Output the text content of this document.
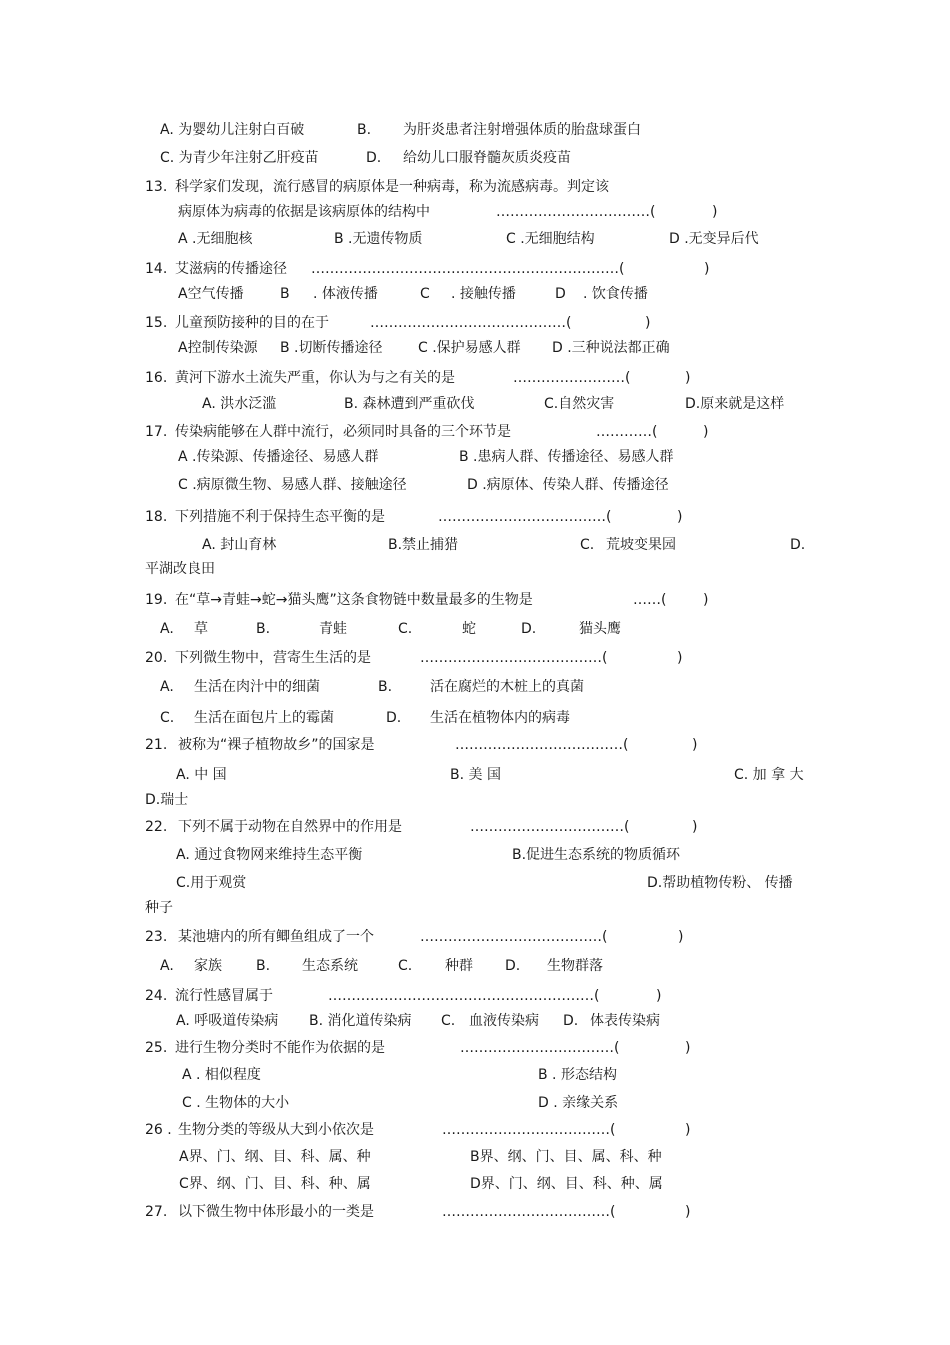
A. 为婴幼儿注射白百破	B. 为肝炎患者注射增强体质的胎盘球蛋白
C. 为青少年注射乙肝疫苗	D. 给幼儿口服脊髓灰质炎疫苗
13. 科学家们发现，流行感冒的病原体是一种病毒，称为流感病毒。判定该
病原体为病毒的依据是该病原体的结构中	……………………………(	)
A .无细胞核	B .无遗传物质	C .无细胞结构	D .无变异后代
14. 艾滋病的传播途径 …………………………………………………………(	)
A空气传播	B . 体液传播	C . 接触传播	D . 饮食传播
15. 儿童预防接种的目的在于	……………………………………(	)
A控制传染源 B .切断传播途径	C .保护易感人群 D .三种说法都正确
16. 黄河下游水土流失严重，你认为与之有关的是	……………………(	)
A. 洪水泛滥	B. 森林遭到严重砍伐	C.自然灾害	D.原来就是这样
17. 传染病能够在人群中流行，必须同时具备的三个环节是	…………(	)
A .传染源、传播途径、易感人群	B .患病人群、传播途径、易感人群
C .病原微生物、易感人群、接触途径	D .病原体、传染人群、传播途径
18. 下列措施不利于保持生态平衡的是	………………………………(	)
A. 封山育林	B.禁止捕猎	C. 荒坡变果园	D.
平湖改良田
19. 在“草→青蛙→蛇→猫头鹰”这条食物链中数量最多的生物是	……(	)
A. 草	B.	青蛙	C.	蛇	D.	猫头鹰
20. 下列微生物中，营寄生生活的是	…………………………………(	)
A. 生活在肉汁中的细菌	B.	活在腐烂的木桩上的真菌
C. 生活在面包片上的霉菌	D. 生活在植物体内的病毒
21. 被称为“裸子植物故乡”的国家是	………………………………(	)
A. 中 国	B. 美 国	C. 加 拿 大
D.瑞士
22. 下列不属于动物在自然界中的作用是	……………………………(	)
A. 通过食物网来维持生态平衡	B.促进生态系统的物质循环
C.用于观赏	D.帮助植物传粉、 传播
种子
23. 某池塘内的所有鲫鱼组成了一个	…………………………………(	)
A. 家族 B. 生态系统	C. 种群 D. 生物群落
24. 流行性感冒属于	…………………………………………………(	)
A. 呼吸道传染病 B. 消化道传染病 C. 血液传染病 D. 体表传染病
25. 进行生物分类时不能作为依据的是	……………………………(	)
A . 相似程度	B . 形态结构
C . 生物体的大小	D . 亲缘关系
26 . 生物分类的等级从大到小依次是	………………………………(	)
A界、门、纲、目、科、属、种	B界、纲、门、目、属、科、种
C界、纲、门、目、科、种、属	D界、门、纲、目、科、种、属
27. 以下微生物中体形最小的一类是	………………………………(	)
